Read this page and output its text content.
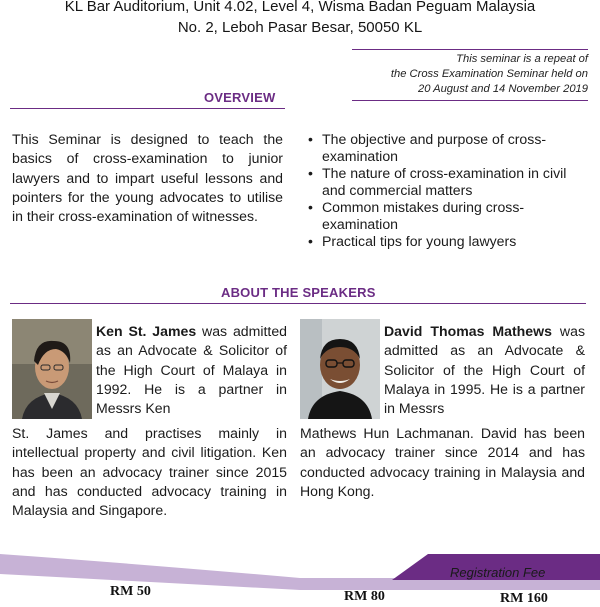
KL Bar Auditorium, Unit 4.02, Level 4, Wisma Badan Peguam Malaysia
No. 2, Leboh Pasar Besar, 50050 KL
This seminar is a repeat of
the Cross Examination Seminar held on
20 August and 14 November 2019
OVERVIEW
This Seminar is designed to teach the basics of cross-examination to junior lawyers and to impart useful lessons and pointers for the young advocates to utilise in their cross-examination of witnesses.
• The objective and purpose of cross-examination
• The nature of cross-examination in civil and commercial matters
• Common mistakes during cross-examination
• Practical tips for young lawyers
ABOUT THE SPEAKERS
Ken St. James was admitted as an Advocate & Solicitor of the High Court of Malaya in 1992. He is a partner in Messrs Ken
St. James and practises mainly in intellectual property and civil litigation. Ken has been an advocacy trainer since 2015 and has conducted advocacy training in Malaysia and Singapore.
David Thomas Mathews was admitted as an Advocate & Solicitor of the High Court of Malaya in 1995. He is a partner in Messrs
Mathews Hun Lachmanan. David has been an advocacy trainer since 2014 and has conducted advocacy training in Malaysia and Hong Kong.
Registration Fee
RM 50	RM 80	RM 160
